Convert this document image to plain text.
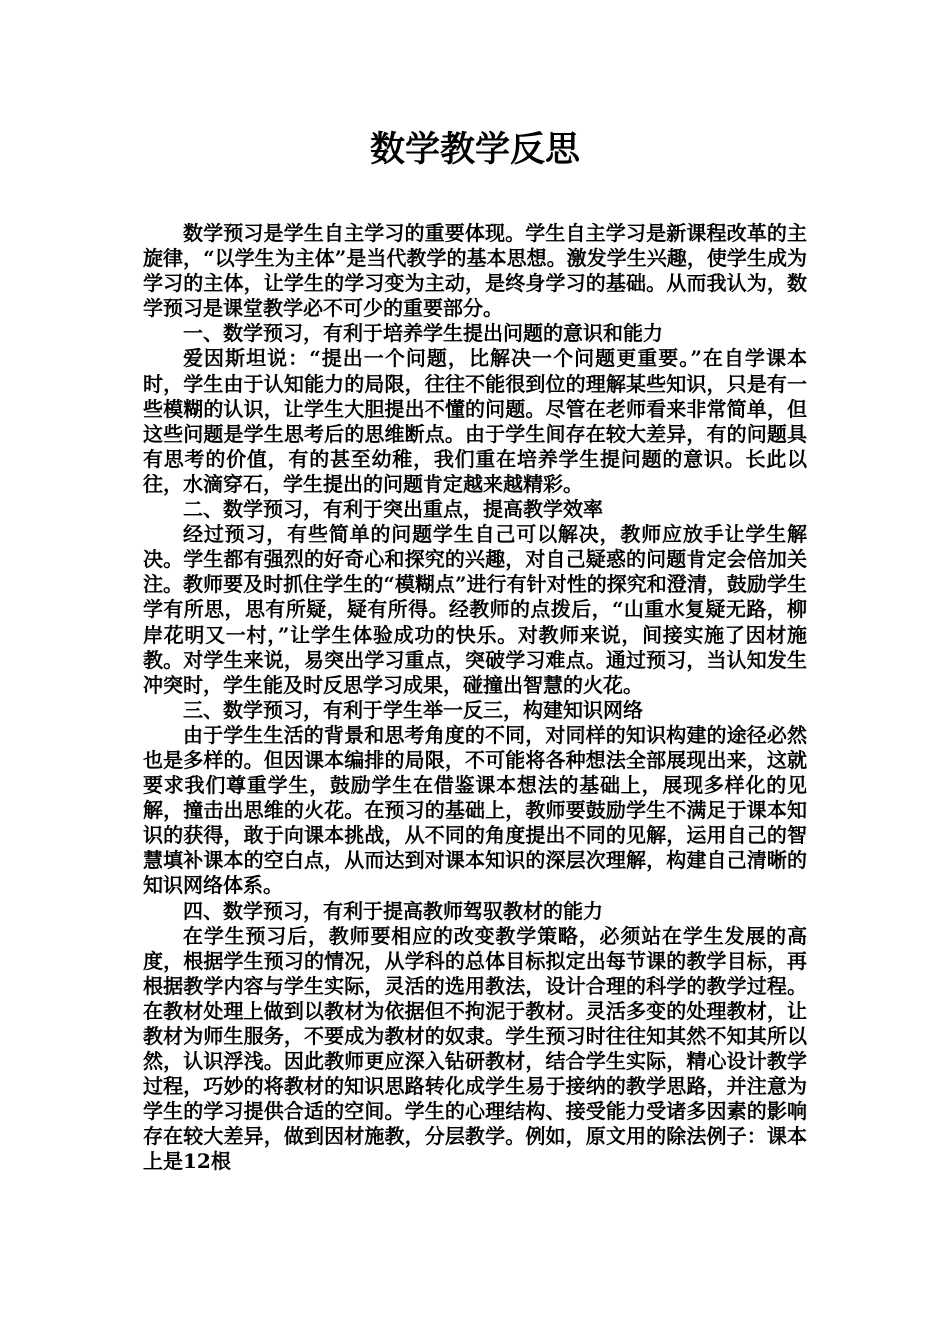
数学教学反思

数学预习是学生自主学习的重要体现。学生自主学习是新课程改革的主旋律，“以学生为主体”是当代教学的基本思想。激发学生兴趣，使学生成为学习的主体，让学生的学习变为主动，是终身学习的基础。从而我认为，数学预习是课堂教学必不可少的重要部分。

一、数学预习，有利于培养学生提出问题的意识和能力

爱因斯坦说：“提出一个问题，比解决一个问题更重要。”在自学课本时，学生由于认知能力的局限，往往不能很到位的理解某些知识，只是有一些模糊的认识，让学生大胆提出不懂的问题。尽管在老师看来非常简单，但这些问题是学生思考后的思维断点。由于学生间存在较大差异，有的问题具有思考的价值，有的甚至幼稚，我们重在培养学生提问题的意识。长此以往，水滴穿石，学生提出的问题肯定越来越精彩。

二、数学预习，有利于突出重点，提高教学效率

经过预习，有些简单的问题学生自己可以解决，教师应放手让学生解决。学生都有强烈的好奇心和探究的兴趣，对自己疑惑的问题肯定会倍加关注。教师要及时抓住学生的“模糊点”进行有针对性的探究和澄清，鼓励学生学有所思，思有所疑，疑有所得。经教师的点拨后，“山重水复疑无路，柳岸花明又一村，”让学生体验成功的快乐。对教师来说，间接实施了因材施教。对学生来说，易突出学习重点，突破学习难点。通过预习，当认知发生冲突时，学生能及时反思学习成果，碰撞出智慧的火花。

三、数学预习，有利于学生举一反三，构建知识网络

由于学生生活的背景和思考角度的不同，对同样的知识构建的途径必然也是多样的。但因课本编排的局限，不可能将各种想法全部展现出来，这就要求我们尊重学生，鼓励学生在借鉴课本想法的基础上，展现多样化的见解，撞击出思维的火花。在预习的基础上，教师要鼓励学生不满足于课本知识的获得，敢于向课本挑战，从不同的角度提出不同的见解，运用自己的智慧填补课本的空白点，从而达到对课本知识的深层次理解，构建自己清晰的知识网络体系。

四、数学预习，有利于提高教师驾驭教材的能力

在学生预习后，教师要相应的改变教学策略，必须站在学生发展的高度，根据学生预习的情况，从学科的总体目标拟定出每节课的教学目标，再根据教学内容与学生实际，灵活的选用教法，设计合理的科学的教学过程。在教材处理上做到以教材为依据但不拘泥于教材。灵活多变的处理教材，让教材为师生服务，不要成为教材的奴隶。学生预习时往往知其然不知其所以然，认识浮浅。因此教师更应深入钻研教材，结合学生实际，精心设计教学过程，巧妙的将教材的知识思路转化成学生易于接纳的教学思路，并注意为学生的学习提供合适的空间。学生的心理结构、接受能力受诸多因素的影响存在较大差异，做到因材施教，分层教学。例如，原文用的除法例子：课本上是12根
